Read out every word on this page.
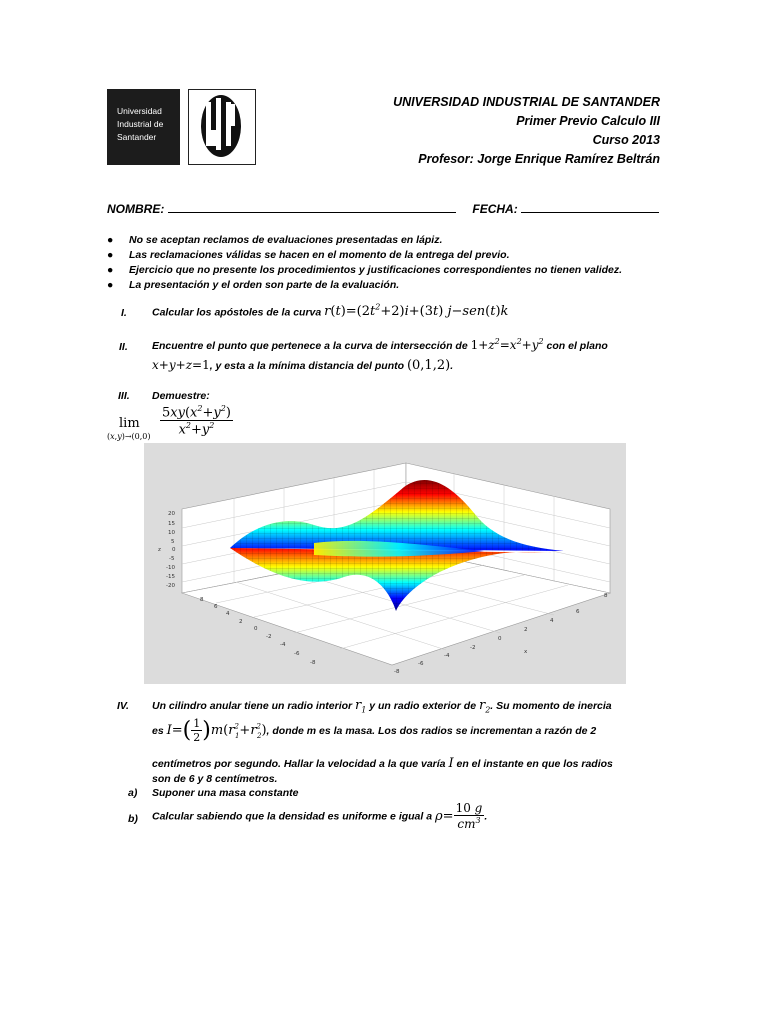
Universidad
Industrial de
Santander
UNIVERSIDAD INDUSTRIAL DE SANTANDER
Primer Previo Calculo III
Curso 2013
Profesor: Jorge Enrique Ramírez Beltrán
NOMBRE:	FECHA:
● No se aceptan reclamos de evaluaciones presentadas en lápiz.
● Las reclamaciones válidas se hacen en el momento de la entrega del previo.
● Ejercicio que no presente los procedimientos y justificaciones correspondientes no tienen validez.
● La presentación y el orden son parte de la evaluación.
I. Calcular los apóstoles de la curva $r(t)=(2t^2+2)i+(3t)$ j−sen(t)k
II. Encuentre el punto que pertenece a la curva de intersección de $1+z^2=x^2+y^2$ con el plano
x+y+z=1, y esta a la mínima distancia del punto (0,1,2).
III. Demuestre:
lim
$(x,y)\to(0,0) \frac{5xy(x^2+y^2)}{x^2+y^2}$
20
15
10
5
0
-5
-10
-15
-20
z
8
6
4
2
0
-2
-4
-6
-8
-8
-6
-4
-2
0
2
4
6
8
x
IV. Un cilindro anular tiene un radio interior $r_1$ y un radio exterior de $r_2$. Su momento de inercia
es $I=( \frac{1}{2} )m(r^2_1+r^2_2)$, donde m es la masa. Los dos radios se incrementan a razón de 2
centímetros por segundo. Hallar la velocidad a la que varía I en el instante en que los radios
son de 6 y 8 centímetros.
a) Suponer una masa constante
b) Calcular sabiendo que la densidad es uniforme e igual a $\rho= \frac{10 g}{cm^3}$ .
